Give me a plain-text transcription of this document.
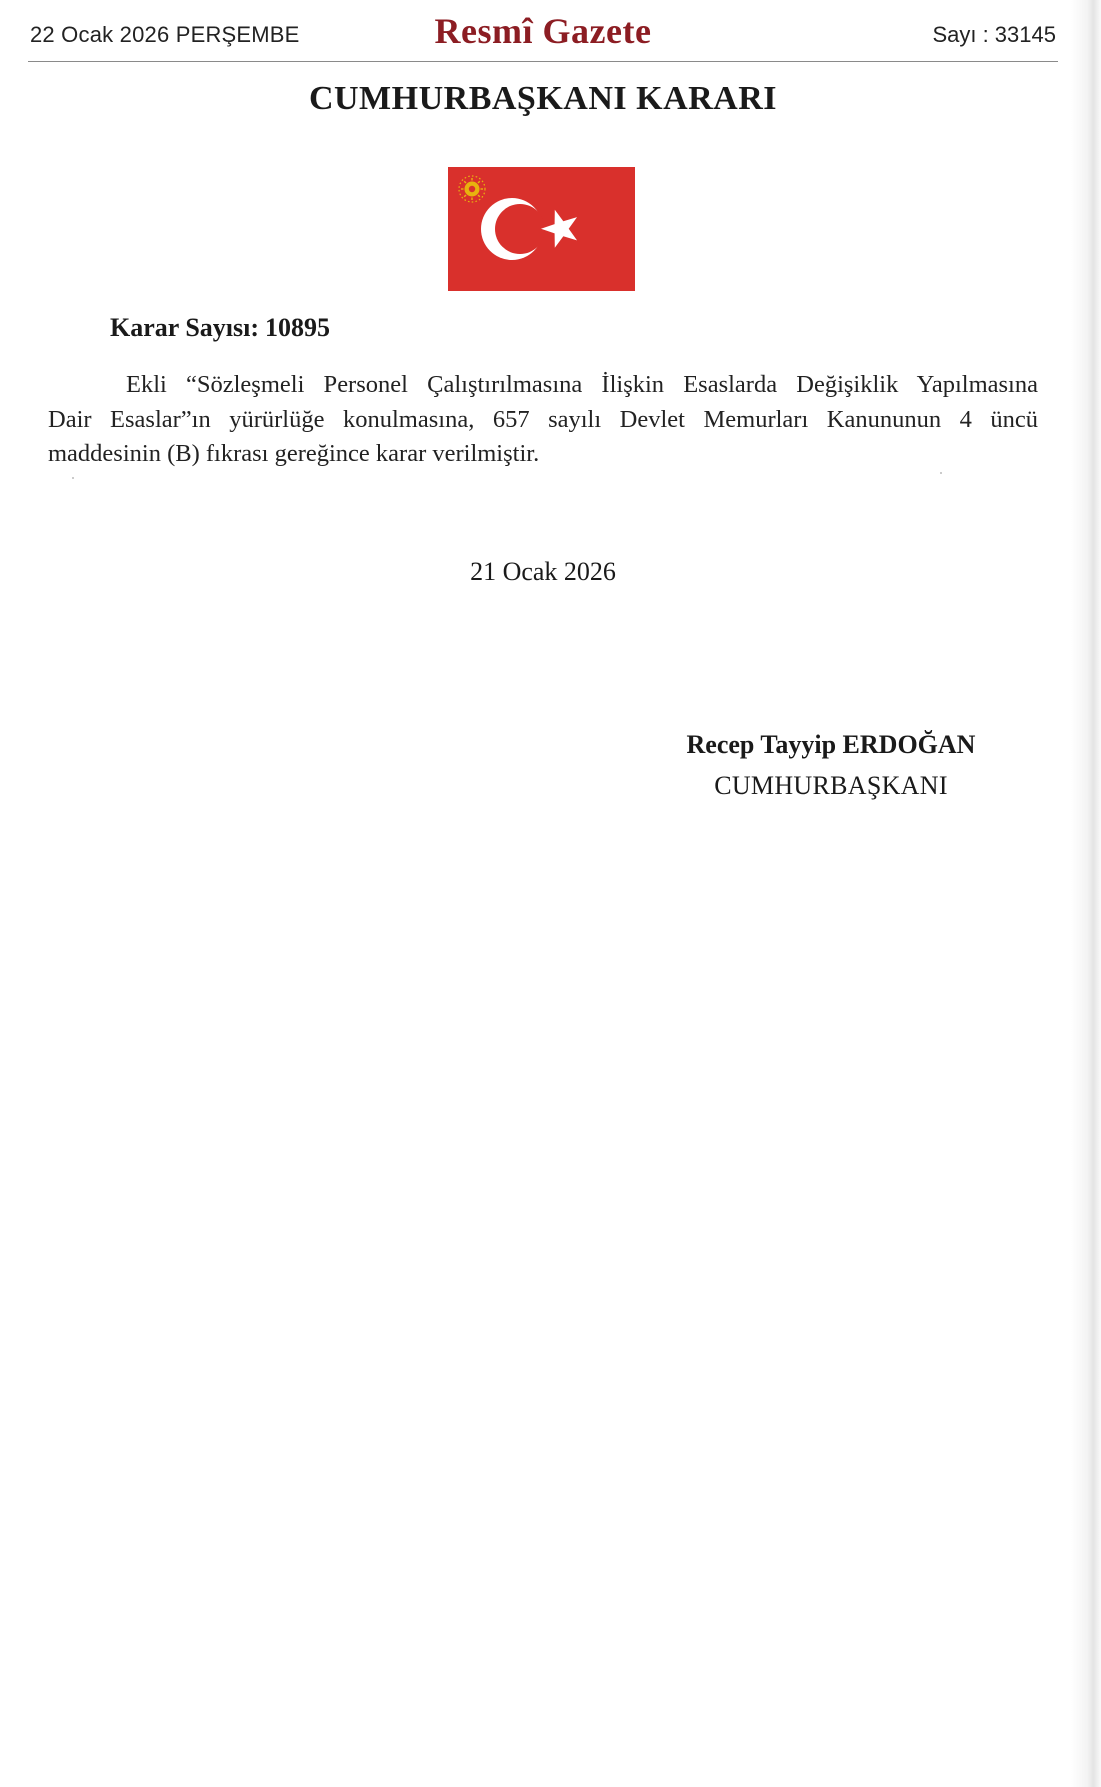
22 Ocak 2026 PERŞEMBE	Resmî Gazete	Sayı : 33145
CUMHURBAŞKANI KARARI
Karar Sayısı: 10895
Ekli “Sözleşmeli Personel Çalıştırılmasına İlişkin Esaslarda Değişiklik Yapılmasına
Dair Esaslar”ın yürürlüğe konulmasına, 657 sayılı Devlet Memurları Kanununun 4 üncü
maddesinin (B) fıkrası gereğince karar verilmiştir.
21 Ocak 2026
Recep Tayyip ERDOĞAN
CUMHURBAŞKANI
